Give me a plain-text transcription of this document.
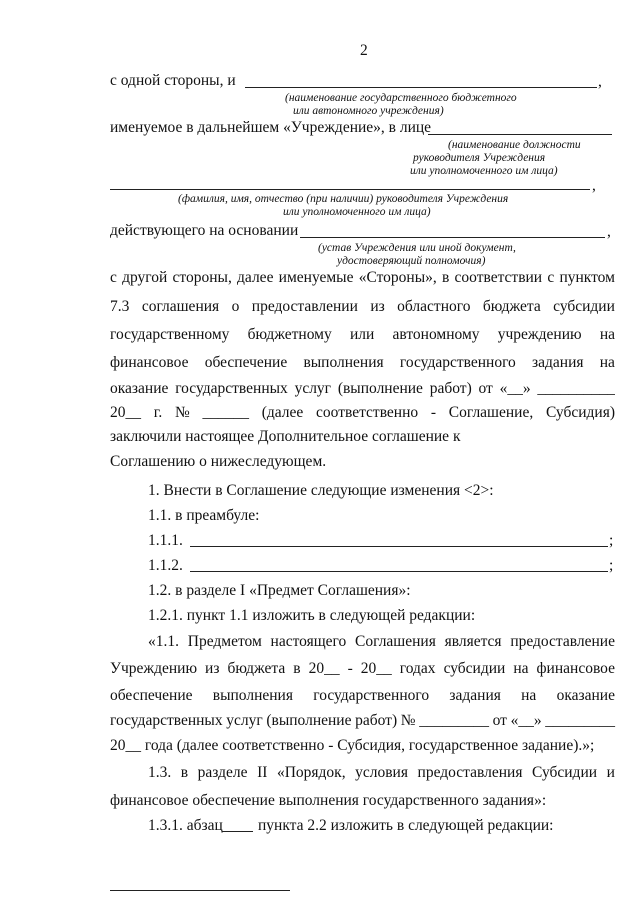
2
с одной стороны, и	,
(наименование государственного бюджетного
или автономного учреждения)
именуемое в дальнейшем «Учреждение», в лице
(наименование должности
руководителя Учреждения
или уполномоченного им лица)
,
(фамилия, имя, отчество (при наличии) руководителя Учреждения
или уполномоченного им лица)
действующего на основании	,
(устав Учреждения или иной документ,
удостоверяющий полномочия)
с другой стороны, далее именуемые «Стороны», в соответствии с пунктом
7.3 соглашения о предоставлении из областного бюджета субсидии
государственному бюджетному или автономному учреждению на
финансовое обеспечение выполнения государственного задания на
оказание государственных услуг (выполнение работ) от «__» __________
20__ г. № ______ (далее соответственно - Соглашение, Субсидия)
заключили настоящее Дополнительное соглашение к
Соглашению о нижеследующем.
1. Внести в Соглашение следующие изменения <2>:
1.1. в преамбуле:
1.1.1.	;
1.1.2.	;
1.2. в разделе I «Предмет Соглашения»:
1.2.1. пункт 1.1 изложить в следующей редакции:
«1.1. Предметом настоящего Соглашения является предоставление
Учреждению из бюджета в 20__ - 20__ годах субсидии на финансовое
обеспечение выполнения государственного задания на оказание
государственных услуг (выполнение работ) № _________ от «__» _________
20__ года (далее соответственно - Субсидия, государственное задание).»;
1.3. в разделе II «Порядок, условия предоставления Субсидии и
финансовое обеспечение выполнения государственного задания»:
1.3.1. абзац пункта 2.2 изложить в следующей редакции:
